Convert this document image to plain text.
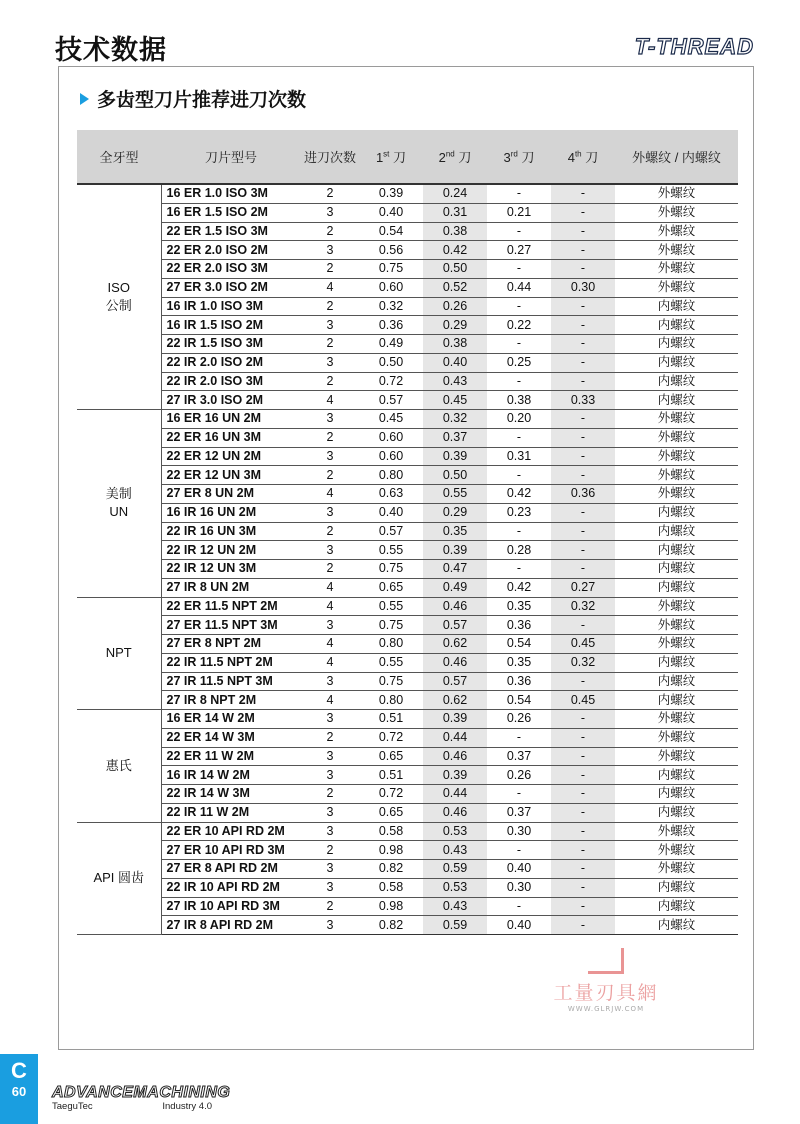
技术数据	T-THREAD
多齿型刀片推荐进刀次数
全牙型	刀片型号	进刀次数	1st 刀	2nd 刀	3rd 刀	4th 刀	外螺纹 / 内螺纹
ISO
公制	16 ER 1.0 ISO 3M	2	0.39	0.24	-	-	外螺纹
	16 ER 1.5 ISO 2M	3	0.40	0.31	0.21	-	外螺纹
	22 ER 1.5 ISO 3M	2	0.54	0.38	-	-	外螺纹
	22 ER 2.0 ISO 2M	3	0.56	0.42	0.27	-	外螺纹
	22 ER 2.0 ISO 3M	2	0.75	0.50	-	-	外螺纹
	27 ER 3.0 ISO 2M	4	0.60	0.52	0.44	0.30	外螺纹
	16 IR 1.0 ISO 3M	2	0.32	0.26	-	-	内螺纹
	16 IR 1.5 ISO 2M	3	0.36	0.29	0.22	-	内螺纹
	22 IR 1.5 ISO 3M	2	0.49	0.38	-	-	内螺纹
	22 IR 2.0 ISO 2M	3	0.50	0.40	0.25	-	内螺纹
	22 IR 2.0 ISO 3M	2	0.72	0.43	-	-	内螺纹
	27 IR 3.0 ISO 2M	4	0.57	0.45	0.38	0.33	内螺纹
美制
UN	16 ER 16 UN 2M	3	0.45	0.32	0.20	-	外螺纹
	22 ER 16 UN 3M	2	0.60	0.37	-	-	外螺纹
	22 ER 12 UN 2M	3	0.60	0.39	0.31	-	外螺纹
	22 ER 12 UN 3M	2	0.80	0.50	-	-	外螺纹
	27 ER 8 UN 2M	4	0.63	0.55	0.42	0.36	外螺纹
	16 IR 16 UN 2M	3	0.40	0.29	0.23	-	内螺纹
	22 IR 16 UN 3M	2	0.57	0.35	-	-	内螺纹
	22 IR 12 UN 2M	3	0.55	0.39	0.28	-	内螺纹
	22 IR 12 UN 3M	2	0.75	0.47	-	-	内螺纹
	27 IR 8 UN 2M	4	0.65	0.49	0.42	0.27	内螺纹
NPT	22 ER 11.5 NPT 2M	4	0.55	0.46	0.35	0.32	外螺纹
	27 ER 11.5 NPT 3M	3	0.75	0.57	0.36	-	外螺纹
	27 ER 8 NPT 2M	4	0.80	0.62	0.54	0.45	外螺纹
	22 IR 11.5 NPT 2M	4	0.55	0.46	0.35	0.32	内螺纹
	27 IR 11.5 NPT 3M	3	0.75	0.57	0.36	-	内螺纹
	27 IR 8 NPT 2M	4	0.80	0.62	0.54	0.45	内螺纹
惠氏	16 ER 14 W 2M	3	0.51	0.39	0.26	-	外螺纹
	22 ER 14 W 3M	2	0.72	0.44	-	-	外螺纹
	22 ER 11 W 2M	3	0.65	0.46	0.37	-	外螺纹
	16 IR 14 W 2M	3	0.51	0.39	0.26	-	内螺纹
	22 IR 14 W 3M	2	0.72	0.44	-	-	内螺纹
	22 IR 11 W 2M	3	0.65	0.46	0.37	-	内螺纹
API 圆齿	22 ER 10 API RD 2M	3	0.58	0.53	0.30	-	外螺纹
	27 ER 10 API RD 3M	2	0.98	0.43	-	-	外螺纹
	27 ER 8 API RD 2M	3	0.82	0.59	0.40	-	外螺纹
	22 IR 10 API RD 2M	3	0.58	0.53	0.30	-	内螺纹
	27 IR 10 API RD 3M	2	0.98	0.43	-	-	内螺纹
	27 IR 8 API RD 2M	3	0.82	0.59	0.40	-	内螺纹
工量刃具網
WWW.GLRJW.COM
C
60	ADVANCEMACHINING
TaeguTec	Industry 4.0
